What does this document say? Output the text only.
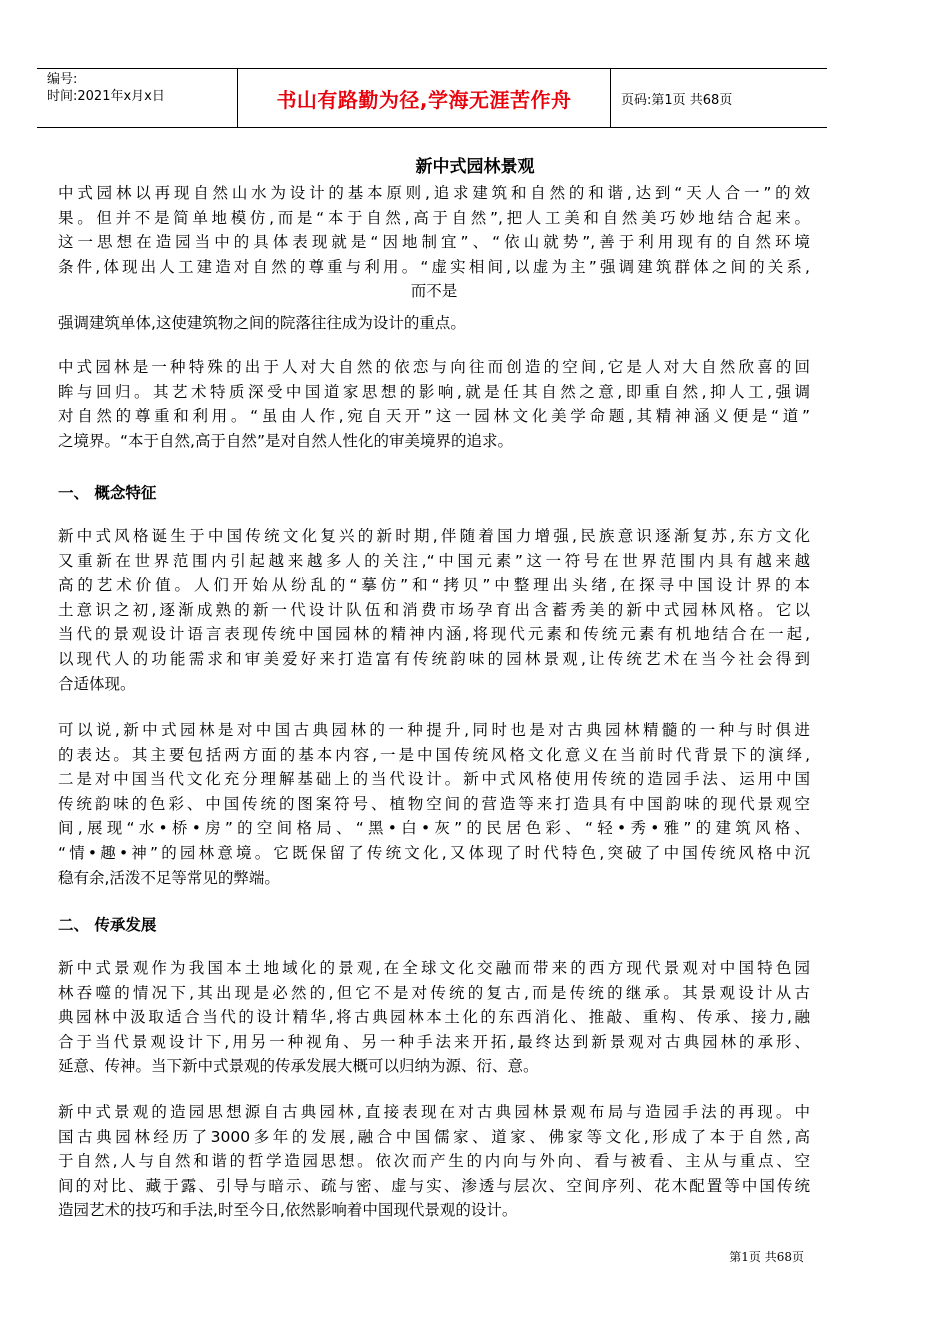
编号:
时间:2021年x月x日	书山有路勤为径,学海无涯苦作舟	页码:第1页 共68页
新中式园林景观
中式园林以再现自然山水为设计的基本原则,追求建筑和自然的和谐,达到“天人合一”的效
果。但并不是简单地模仿,而是“本于自然,高于自然”,把人工美和自然美巧妙地结合起来。
这一思想在造园当中的具体表现就是“因地制宜”、“依山就势”,善于利用现有的自然环境
条件,体现出人工建造对自然的尊重与利用。“虚实相间,以虚为主”强调建筑群体之间的关系,
而不是
强调建筑单体,这使建筑物之间的院落往往成为设计的重点。
中式园林是一种特殊的出于人对大自然的依恋与向往而创造的空间,它是人对大自然欣喜的回
眸与回归。其艺术特质深受中国道家思想的影响,就是任其自然之意,即重自然,抑人工,强调
对自然的尊重和利用。“虽由人作,宛自天开”这一园林文化美学命题,其精神涵义便是“道”
之境界。“本于自然,高于自然”是对自然人性化的审美境界的追求。
一、 概念特征
新中式风格诞生于中国传统文化复兴的新时期,伴随着国力增强,民族意识逐渐复苏,东方文化
又重新在世界范围内引起越来越多人的关注,“中国元素”这一符号在世界范围内具有越来越
高的艺术价值。人们开始从纷乱的“摹仿”和“拷贝”中整理出头绪,在探寻中国设计界的本
土意识之初,逐渐成熟的新一代设计队伍和消费市场孕育出含蓄秀美的新中式园林风格。它以
当代的景观设计语言表现传统中国园林的精神内涵,将现代元素和传统元素有机地结合在一起,
以现代人的功能需求和审美爱好来打造富有传统韵味的园林景观,让传统艺术在当今社会得到
合适体现。
可以说,新中式园林是对中国古典园林的一种提升,同时也是对古典园林精髓的一种与时俱进
的表达。其主要包括两方面的基本内容,一是中国传统风格文化意义在当前时代背景下的演绎,
二是对中国当代文化充分理解基础上的当代设计。新中式风格使用传统的造园手法、运用中国
传统韵味的色彩、中国传统的图案符号、植物空间的营造等来打造具有中国韵味的现代景观空
间,展现“水•桥•房”的空间格局、“黑•白•灰”的民居色彩、“轻•秀•雅”的建筑风格、
“情•趣•神”的园林意境。它既保留了传统文化,又体现了时代特色,突破了中国传统风格中沉
稳有余,活泼不足等常见的弊端。
二、 传承发展
新中式景观作为我国本土地域化的景观,在全球文化交融而带来的西方现代景观对中国特色园
林吞噬的情况下,其出现是必然的,但它不是对传统的复古,而是传统的继承。其景观设计从古
典园林中汲取适合当代的设计精华,将古典园林本土化的东西消化、推敲、重构、传承、接力,融
合于当代景观设计下,用另一种视角、另一种手法来开拓,最终达到新景观对古典园林的承形、
延意、传神。当下新中式景观的传承发展大概可以归纳为源、衍、意。
新中式景观的造园思想源自古典园林,直接表现在对古典园林景观布局与造园手法的再现。中
国古典园林经历了3000多年的发展,融合中国儒家、道家、佛家等文化,形成了本于自然,高
于自然,人与自然和谐的哲学造园思想。依次而产生的内向与外向、看与被看、主从与重点、空
间的对比、藏于露、引导与暗示、疏与密、虚与实、渗透与层次、空间序列、花木配置等中国传统
造园艺术的技巧和手法,时至今日,依然影响着中国现代景观的设计。
第1页 共68页
